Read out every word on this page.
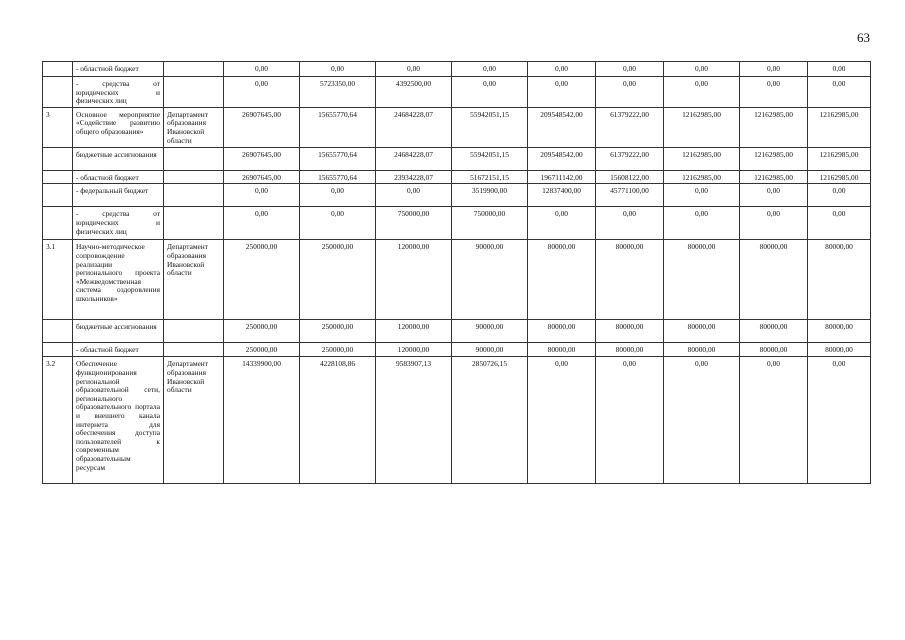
63
	- областной бюджет		0,00	0,00	0,00	0,00	0,00	0,00	0,00	0,00	0,00
	- средства от юридических и физических лиц		0,00	5723350,00	4392500,00	0,00	0,00	0,00	0,00	0,00	0,00
3	Основное мероприятие «Содействие развитию общего образования»	Департамент образования Ивановской области	26907645,00	15655770,64	24684228,07	55942051,15	209548542,00	61379222,00	12162985,00	12162985,00	12162985,00
	бюджетные ассигнования		26907645,00	15655770,64	24684228,07	55942051,15	209548542,00	61379222,00	12162985,00	12162985,00	12162985,00
	- областной бюджет		26907645,00	15655770,64	23934228,07	51672151,15	196711142,00	15608122,00	12162985,00	12162985,00	12162985,00
	- федеральный бюджет		0,00	0,00	0,00	3519900,00	12837400,00	45771100,00	0,00	0,00	0,00
	- средства от юридических и физических лиц		0,00	0,00	750000,00	750000,00	0,00	0,00	0,00	0,00	0,00
3.1	Научно-методическое сопровождение реализации регионального проекта «Межведомственная система оздоровления школьников»	Департамент образования Ивановской области	250000,00	250000,00	120000,00	90000,00	80000,00	80000,00	80000,00	80000,00	80000,00
	бюджетные ассигнования		250000,00	250000,00	120000,00	90000,00	80000,00	80000,00	80000,00	80000,00	80000,00
	- областной бюджет		250000,00	250000,00	120000,00	90000,00	80000,00	80000,00	80000,00	80000,00	80000,00
3.2	Обеспечение функционирования региональной образовательной сети, регионального образовательного портала и внешнего канала интернета для обеспечения доступа пользователей к современным образовательным ресурсам	Департамент образования Ивановской области	14339900,00	4228108,86	9583907,13	2850726,15	0,00	0,00	0,00	0,00	0,00
